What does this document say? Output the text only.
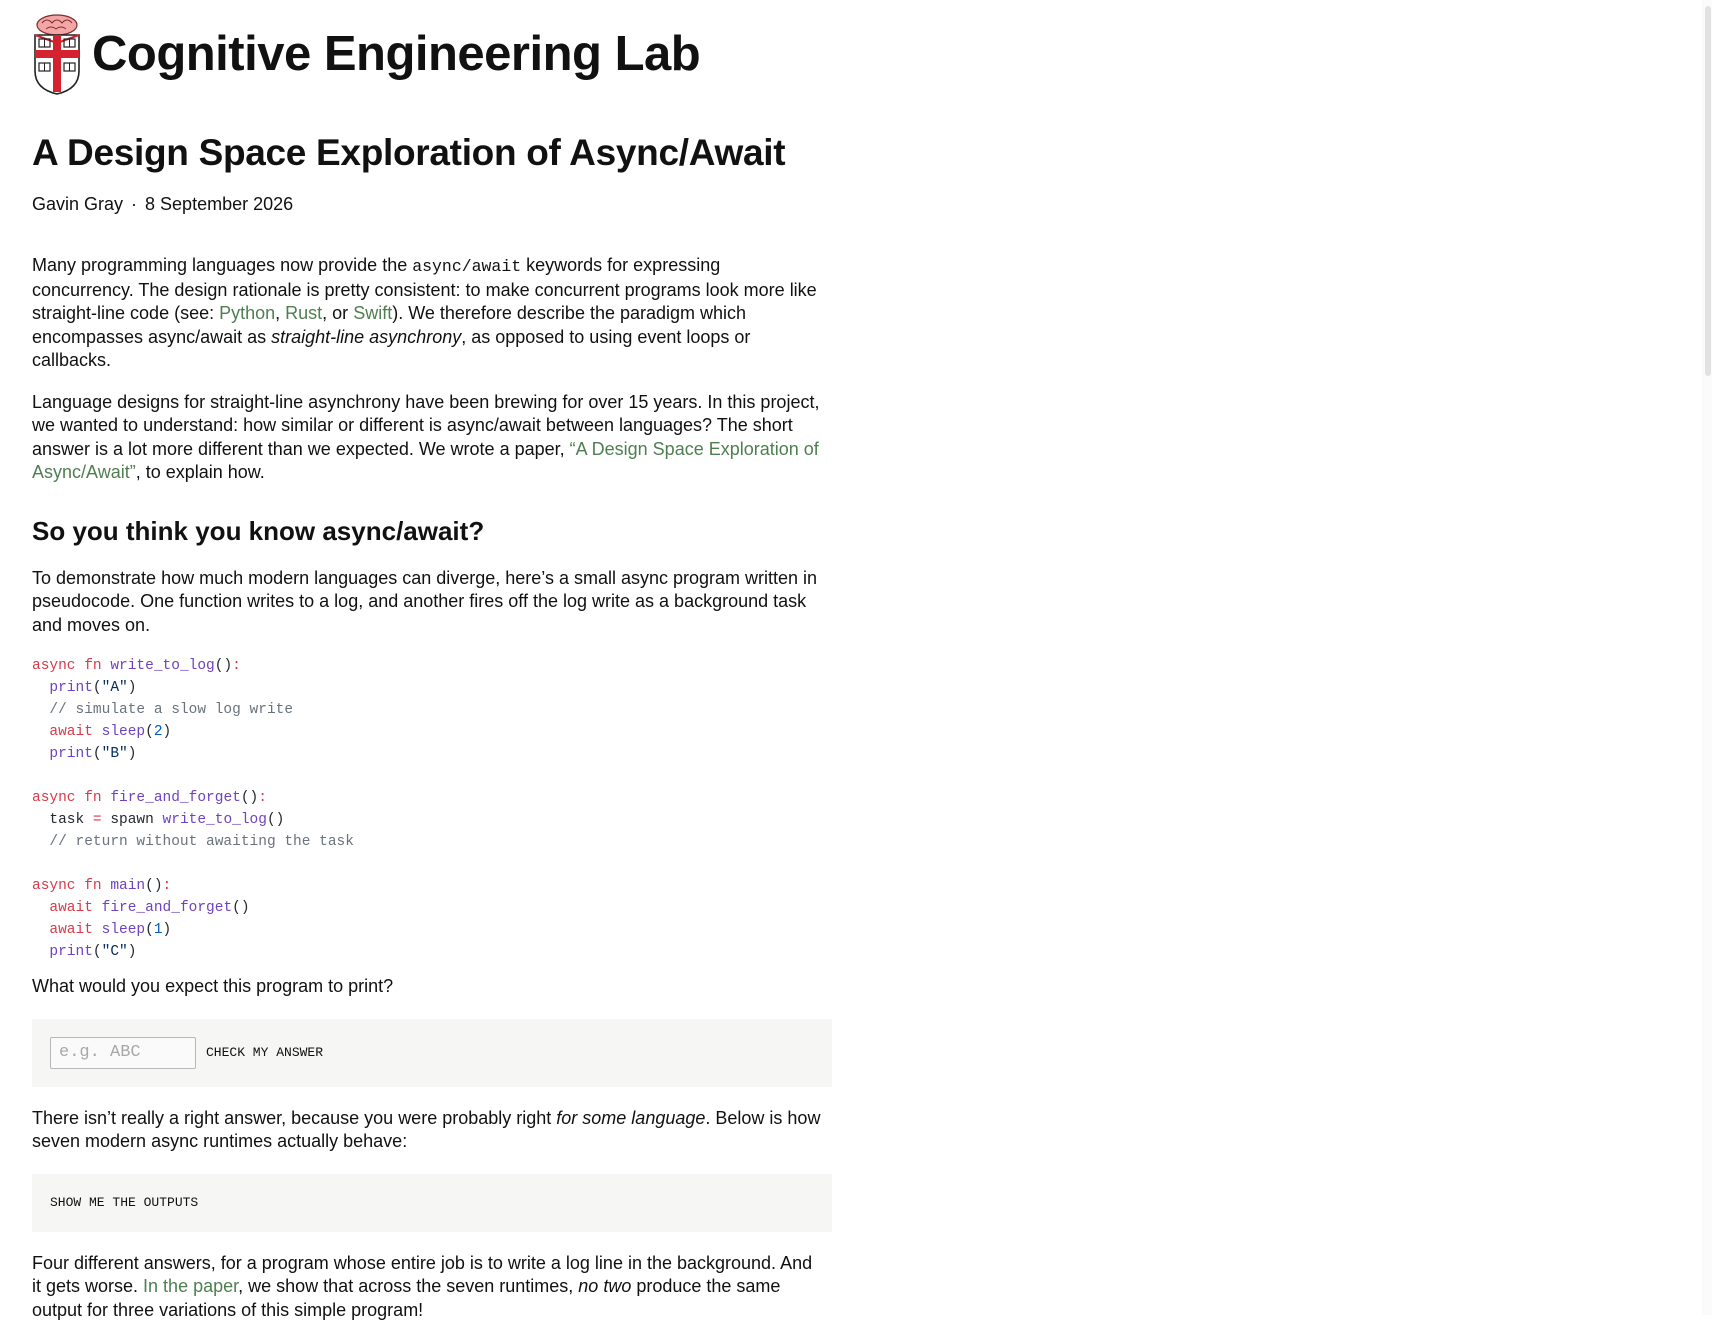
Cognitive Engineering Lab
A Design Space Exploration of Async/Await
Gavin Gray · 8 September 2026

Many programming languages now provide the async/await keywords for expressing concurrency. The design rationale is pretty consistent: to make concurrent programs look more like straight-line code (see: Python, Rust, or Swift). We therefore describe the paradigm which encompasses async/await as straight-line asynchrony, as opposed to using event loops or callbacks.

Language designs for straight-line asynchrony have been brewing for over 15 years. In this project, we wanted to understand: how similar or different is async/await between languages? The short answer is a lot more different than we expected. We wrote a paper, “A Design Space Exploration of Async/Await”, to explain how.

So you think you know async/await?

To demonstrate how much modern languages can diverge, here’s a small async program written in pseudocode. One function writes to a log, and another fires off the log write as a background task and moves on.

async fn write_to_log():
print("A")
// simulate a slow log write
await sleep(2)
print("B")

async fn fire_and_forget():
task = spawn write_to_log()
// return without awaiting the task

async fn main():
await fire_and_forget()
await sleep(1)
print("C")

What would you expect this program to print?

e.g. ABC
CHECK MY ANSWER

There isn’t really a right answer, because you were probably right for some language. Below is how seven modern async runtimes actually behave:

SHOW ME THE OUTPUTS

Four different answers, for a program whose entire job is to write a log line in the background. And it gets worse. In the paper, we show that across the seven runtimes, no two produce the same output for three variations of this simple program!
